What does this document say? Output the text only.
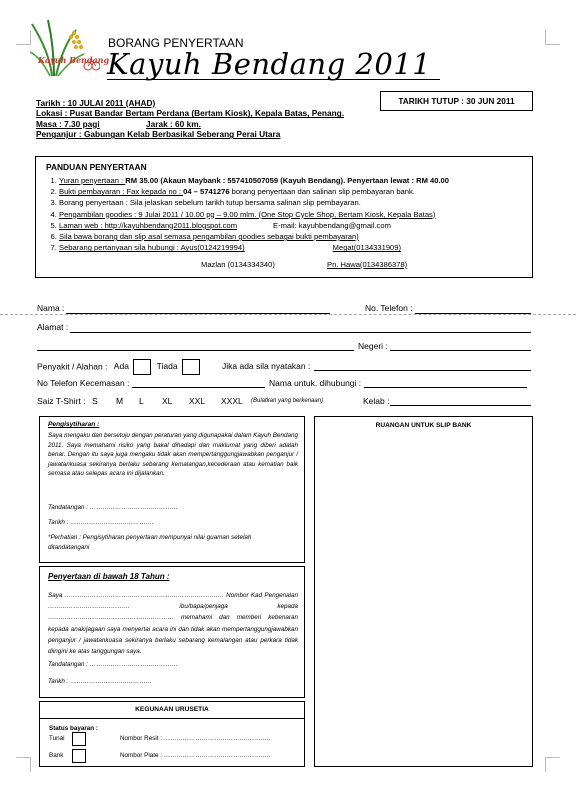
Kayuh Bendang
BORANG PENYERTAAN
Kayuh Bendang 2011
Tarikh : 10 JULAI 2011 (AHAD)
Lokasi : Pusat Bandar Bertam Perdana (Bertam Kiosk), Kepala Batas, Penang.
Masa : 7.30 pagi	Jarak : 60 km.
Penganjur : Gabungan Kelab Berbasikal Seberang Perai Utara
TARIKH TUTUP : 30 JUN 2011
PANDUAN PENYERTAAN
1. Yuran penyertaan : RM 35.00 (Akaun Maybank : 557410507059 (Kayuh Bendang). Penyertaan lewat : RM 40.00
2. Bukti pembayaran : Fax kepada no : 04 – 5741276 borang penyertaan dan salinan slip pembayaran bank.
3. Borang penyertaan : Sila jelaskan sebelum tarikh tutup bersama salinan slip pembayaran.
4. Pengambilan goodies : 9 Julai 2011 / 10.00 pg – 9.00 mlm. (One Stop Cycle Shop, Bertam Kiosk, Kepala Batas)
5. Laman web : http://kayuhbendang2011.blogspot.com	E-mail: kayuhbendang@gmail.com
6. Sila bawa borang dan slip asal semasa pengambilan goodies sebagai bukti pembayaran)
7. Sebarang pertanyaan sila hubungi : Ayus(0124219994)	Megat(0134331909)
Mazlan (0134334340)	Pn. Hawa(0134386378)
Nama :	No. Telefon :
Alamat :
Negeri :
Penyakit / Alahan : Ada	Tiada	Jika ada sila nyatakan :
No Telefon Kecemasan :	Nama untuk. dihubungi :
Saiz T-Shirt : S M L XL XXL XXXL (Bulatkan yang berkenaan)	Kelab :
Pengisytiharan :
Saya mengaku dan bersetuju dengan peraturan yang digunapakai dalam Kayuh Bendang 2011. Saya memahami risiko yang bakal dihadapi dan maklumat yang diberi adalah benar. Dengan itu saya juga mengaku tidak akan mempertanggungjawabkan penganjur / jawatankuasa sekiranya berlaku sebarang kemalangan,kecederaan atau kematian baik semasa atau selepas acara ini dijalankan.
Tandatangan : ……………………………………
Tarikh : ………………………………….
*Perhatian : Pengisytiharan penyertaan mempunyai nilai guaman setelah ditandatangani
RUANGAN UNTUK SLIP BANK
Penyertaan di bawah 18 Tahun :
Saya …………………………………………………………………. Nombor Kad Pengenalan ………………………………… ibu/bapa/penjaga kepada …………………………………………………… memahami dan memberi kebenaran kepada anak/jagaan saya menyertai acara ini dan tidak akan mempertanggungjawabkan penganjur / jawatankuasa sekiranya berlaku sebarang kemalangan atau perkara tidak diingini ke atas tanggungan saya.
Tandatangan : ……………………………………
Tarikh : …………………………………
KEGUNAAN URUSETIA
Status bayaran :
Tunai
Bank
Nombor Resit : ……………………………………………
Nombor Plate : ……………………………………………
